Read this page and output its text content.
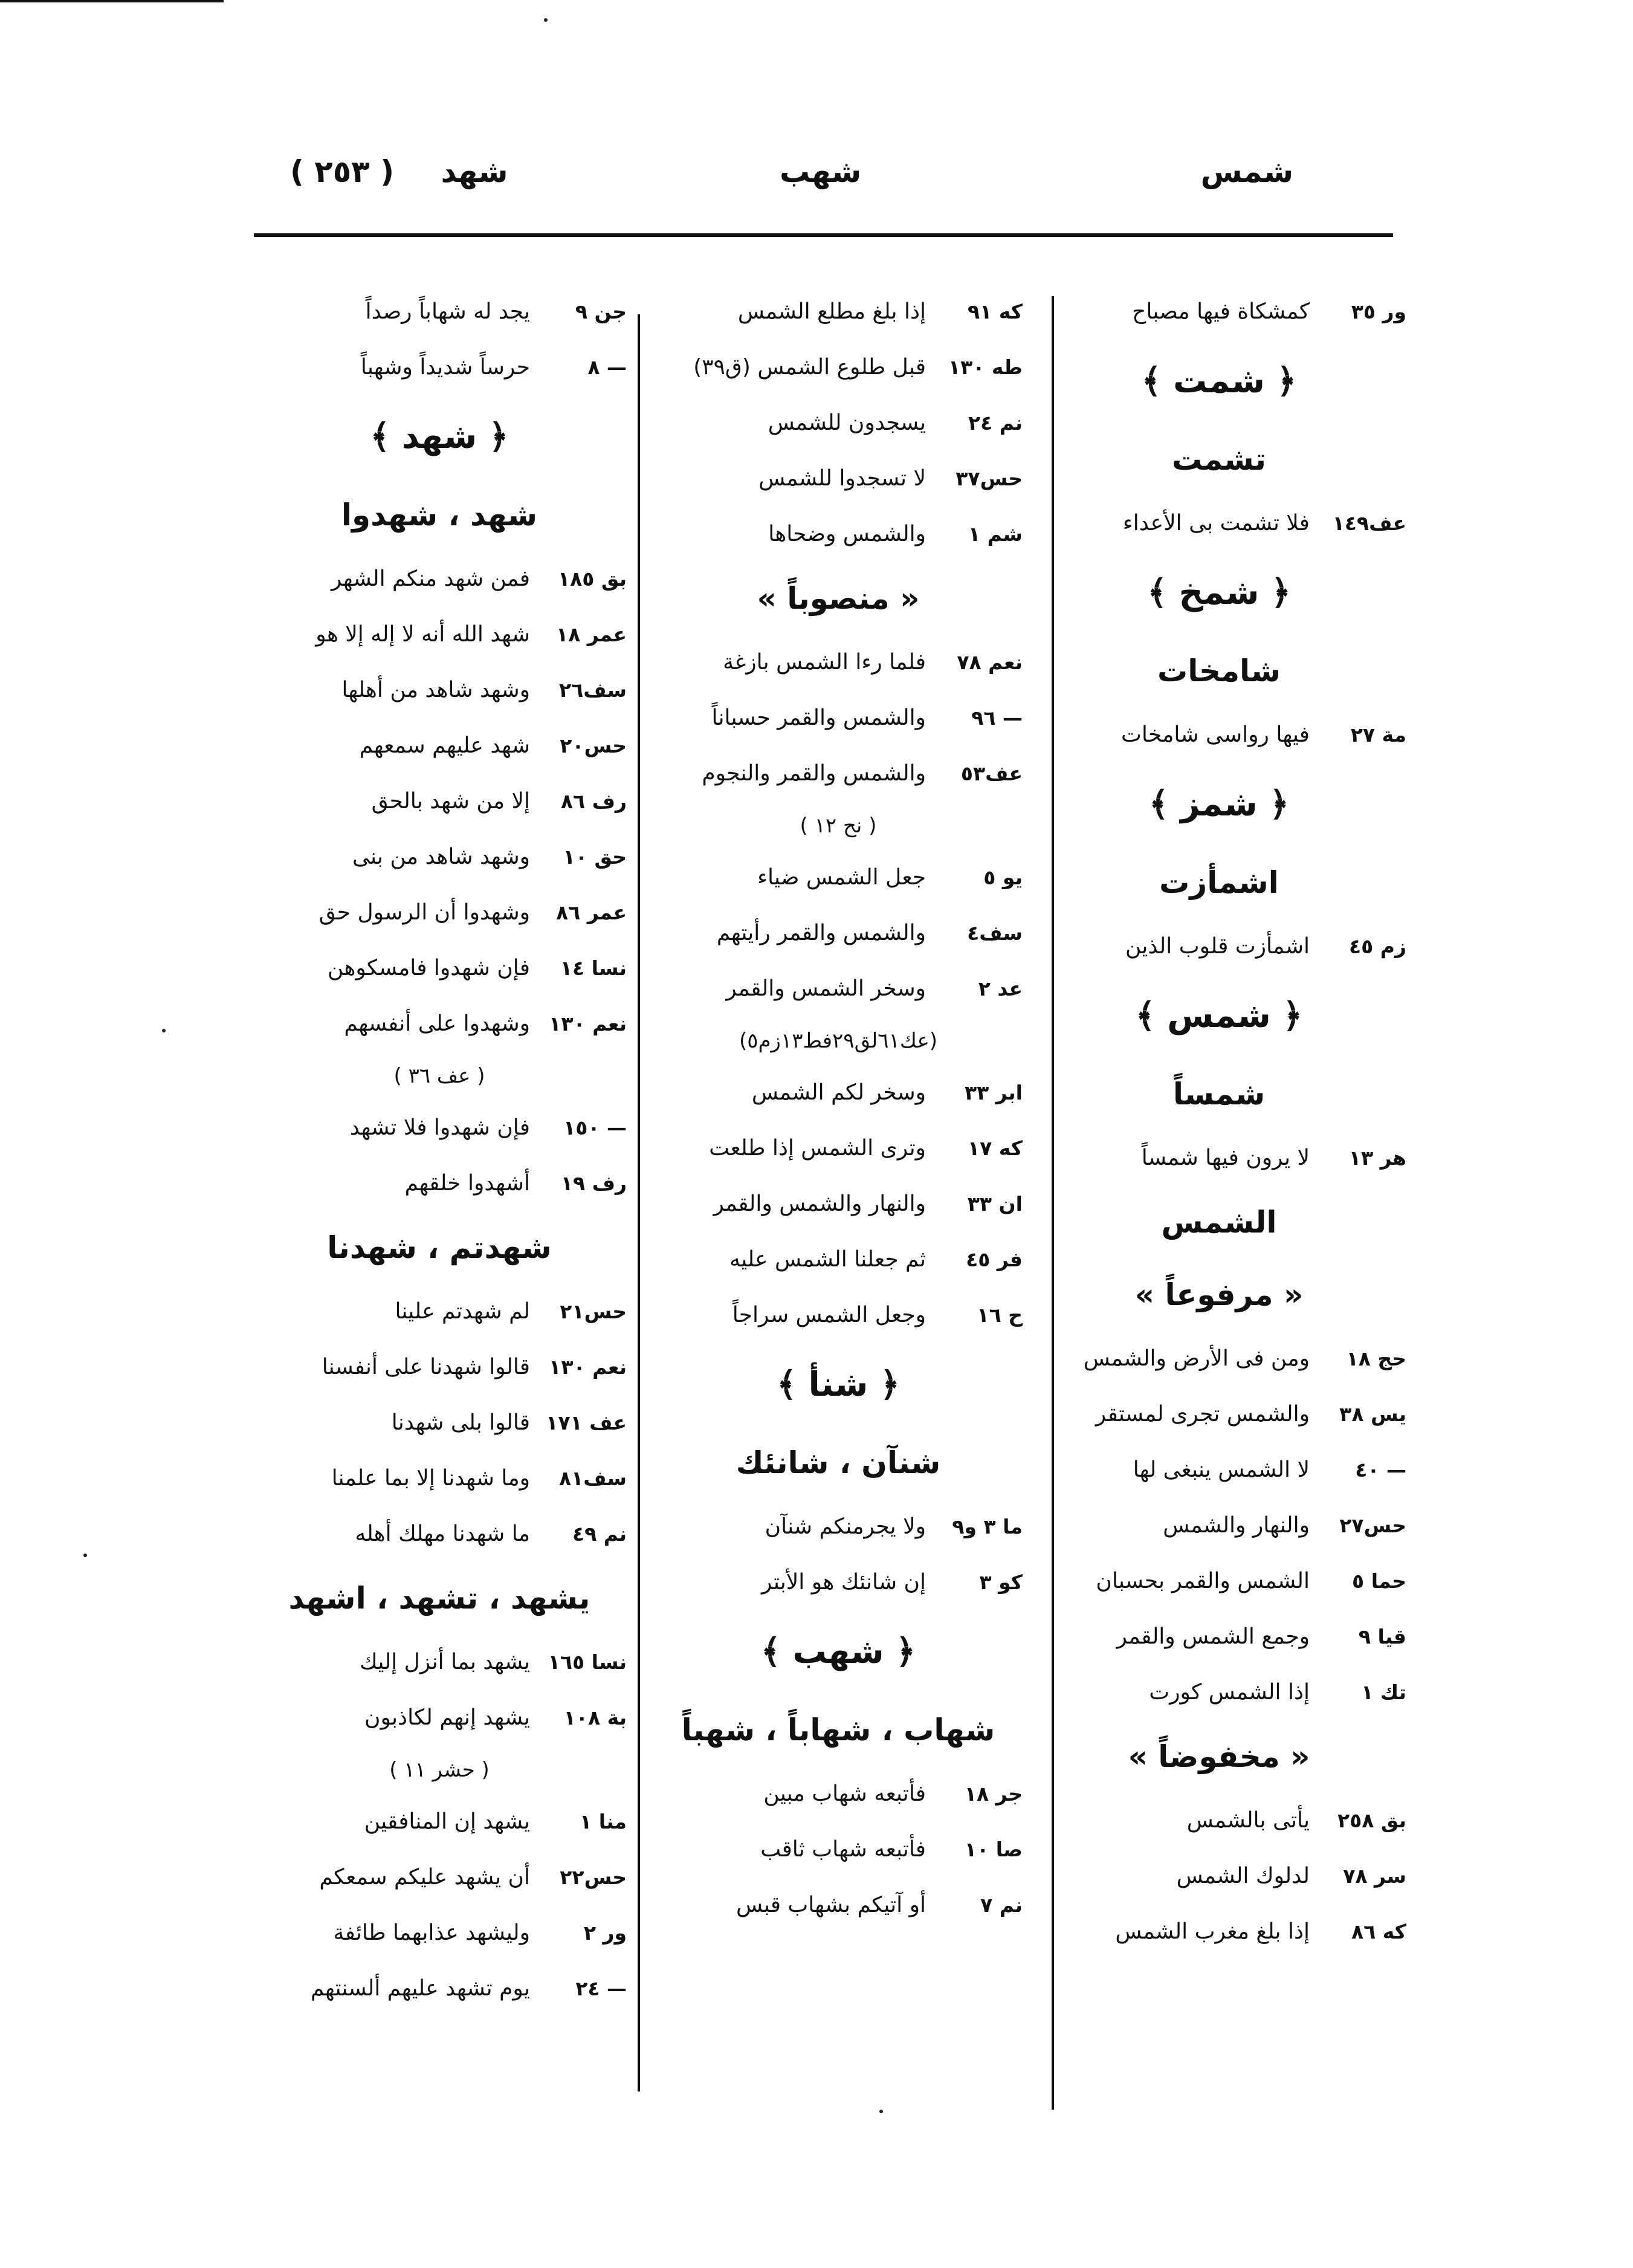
( ٢٥٣ ) شهد	شهب	شمس
ور ٣٥كمشكاة فيها مصباح
﴿ شمت ﴾
تشمت
عف١٤٩فلا تشمت بى الأعداء
﴿ شمخ ﴾
شامخات
مة ٢٧فيها رواسى شامخات
﴿ شمز ﴾
اشمأزت
زم ٤٥اشمأزت قلوب الذين
﴿ شمس ﴾
شمساً
هر ١٣لا يرون فيها شمساً
الشمس
« مرفوعاً »
حج ١٨ومن فى الأرض والشمس
يس ٣٨والشمس تجرى لمستقر
— ٤٠لا الشمس ينبغى لها
حس٢٧والنهار والشمس
حما ٥الشمس والقمر بحسبان
قيا ٩وجمع الشمس والقمر
تك ١إذا الشمس كورت
« مخفوضاً »
بق ٢٥٨يأتى بالشمس
سر ٧٨لدلوك الشمس
كه ٨٦إذا بلغ مغرب الشمس
كه ٩١إذا بلغ مطلع الشمس
طه ١٣٠قبل طلوع الشمس (ق٣٩)
نم ٢٤يسجدون للشمس
حس٣٧لا تسجدوا للشمس
شم ١والشمس وضحاها
« منصوباً »
نعم ٧٨فلما رءا الشمس بازغة
— ٩٦والشمس والقمر حسباناً
عف٥٣والشمس والقمر والنجوم
( نح ١٢ )
يو ٥جعل الشمس ضياء
سف٤والشمس والقمر رأيتهم
عد ٢وسخر الشمس والقمر
(عك٦١لق٢٩فط١٣زم٥)
ابر ٣٣وسخر لكم الشمس
كه ١٧وترى الشمس إذا طلعت
ان ٣٣والنهار والشمس والقمر
فر ٤٥ثم جعلنا الشمس عليه
ح ١٦وجعل الشمس سراجاً
﴿ شنأ ﴾
شنآن ، شانئك
ما ٣ و٩ولا يجرمنكم شنآن
كو ٣إن شانئك هو الأبتر
﴿ شهب ﴾
شهاب ، شهاباً ، شهباً
جر ١٨فأتبعه شهاب مبين
صا ١٠فأتبعه شهاب ثاقب
نم ٧أو آتيكم بشهاب قبس
جن ٩يجد له شهاباً رصداً
— ٨حرساً شديداً وشهباً
﴿ شهد ﴾
شهد ، شهدوا
بق ١٨٥فمن شهد منكم الشهر
عمر ١٨شهد الله أنه لا إله إلا هو
سف٢٦وشهد شاهد من أهلها
حس٢٠شهد عليهم سمعهم
رف ٨٦إلا من شهد بالحق
حق ١٠وشهد شاهد من بنى
عمر ٨٦وشهدوا أن الرسول حق
نسا ١٤فإن شهدوا فامسكوهن
نعم ١٣٠وشهدوا على أنفسهم
( عف ٣٦ )
— ١٥٠فإن شهدوا فلا تشهد
رف ١٩أشهدوا خلقهم
شهدتم ، شهدنا
حس٢١لم شهدتم علينا
نعم ١٣٠قالوا شهدنا على أنفسنا
عف ١٧١قالوا بلى شهدنا
سف٨١وما شهدنا إلا بما علمنا
نم ٤٩ما شهدنا مهلك أهله
يشهد ، تشهد ، اشهد
نسا ١٦٥يشهد بما أنزل إليك
بة ١٠٨يشهد إنهم لكاذبون
( حشر ١١ )
منا ١يشهد إن المنافقين
حس٢٢أن يشهد عليكم سمعكم
ور ٢وليشهد عذابهما طائفة
— ٢٤يوم تشهد عليهم ألسنتهم
